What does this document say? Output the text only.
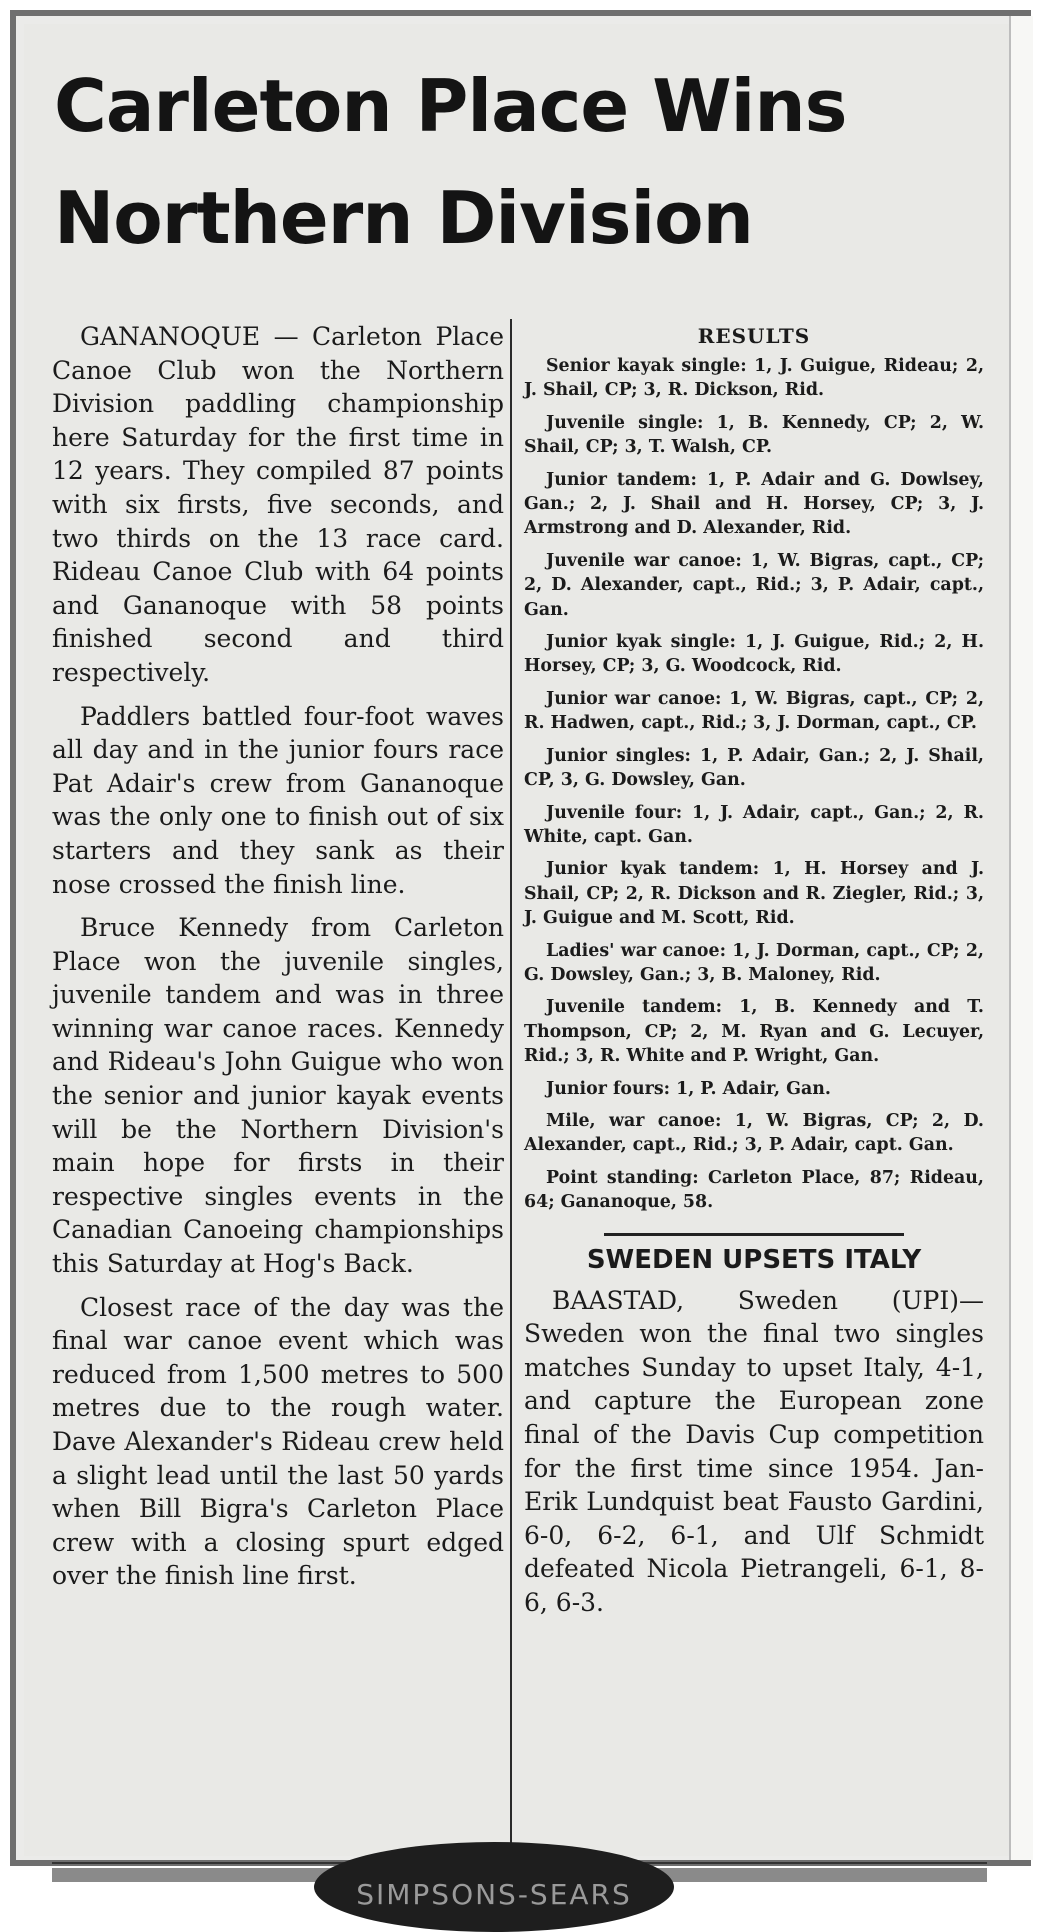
Carleton Place Wins
Northern Division

GANANOQUE — Carleton Place Canoe Club won the Northern Division paddling championship here Saturday for the first time in 12 years. They compiled 87 points with six firsts, five seconds, and two thirds on the 13 race card. Rideau Canoe Club with 64 points and Gananoque with 58 points finished second and third respectively.

Paddlers battled four-foot waves all day and in the junior fours race Pat Adair's crew from Gananoque was the only one to finish out of six starters and they sank as their nose crossed the finish line.

Bruce Kennedy from Carleton Place won the juvenile singles, juvenile tandem and was in three winning war canoe races. Kennedy and Rideau's John Guigue who won the senior and junior kayak events will be the Northern Division's main hope for firsts in their respective singles events in the Canadian Canoeing championships this Saturday at Hog's Back.

Closest race of the day was the final war canoe event which was reduced from 1,500 metres to 500 metres due to the rough water. Dave Alexander's Rideau crew held a slight lead until the last 50 yards when Bill Bigra's Carleton Place crew with a closing spurt edged over the finish line first.

RESULTS
Senior kayak single: 1, J. Guigue, Rideau; 2, J. Shail, CP; 3, R. Dickson, Rid.
Juvenile single: 1, B. Kennedy, CP; 2, W. Shail, CP; 3, T. Walsh, CP.
Junior tandem: 1, P. Adair and G. Dowlsey, Gan.; 2, J. Shail and H. Horsey, CP; 3, J. Armstrong and D. Alexander, Rid.
Juvenile war canoe: 1, W. Bigras, capt., CP; 2, D. Alexander, capt., Rid.; 3, P. Adair, capt., Gan.
Junior kyak single: 1, J. Guigue, Rid.; 2, H. Horsey, CP; 3, G. Woodcock, Rid.
Junior war canoe: 1, W. Bigras, capt., CP; 2, R. Hadwen, capt., Rid.; 3, J. Dorman, capt., CP.
Junior singles: 1, P. Adair, Gan.; 2, J. Shail, CP, 3, G. Dowsley, Gan.
Juvenile four: 1, J. Adair, capt., Gan.; 2, R. White, capt. Gan.
Junior kyak tandem: 1, H. Horsey and J. Shail, CP; 2, R. Dickson and R. Ziegler, Rid.; 3, J. Guigue and M. Scott, Rid.
Ladies' war canoe: 1, J. Dorman, capt., CP; 2, G. Dowsley, Gan.; 3, B. Maloney, Rid.
Juvenile tandem: 1, B. Kennedy and T. Thompson, CP; 2, M. Ryan and G. Lecuyer, Rid.; 3, R. White and P. Wright, Gan.
Junior fours: 1, P. Adair, Gan.
Mile, war canoe: 1, W. Bigras, CP; 2, D. Alexander, capt., Rid.; 3, P. Adair, capt. Gan.
Point standing: Carleton Place, 87; Rideau, 64; Gananoque, 58.
SWEDEN UPSETS ITALY

BAASTAD, Sweden (UPI)—Sweden won the final two singles matches Sunday to upset Italy, 4-1, and capture the European zone final of the Davis Cup competition for the first time since 1954. Jan-Erik Lundquist beat Fausto Gardini, 6-0, 6-2, 6-1, and Ulf Schmidt defeated Nicola Pietrangeli, 6-1, 8-6, 6-3.

SIMPSONS-SEARS
